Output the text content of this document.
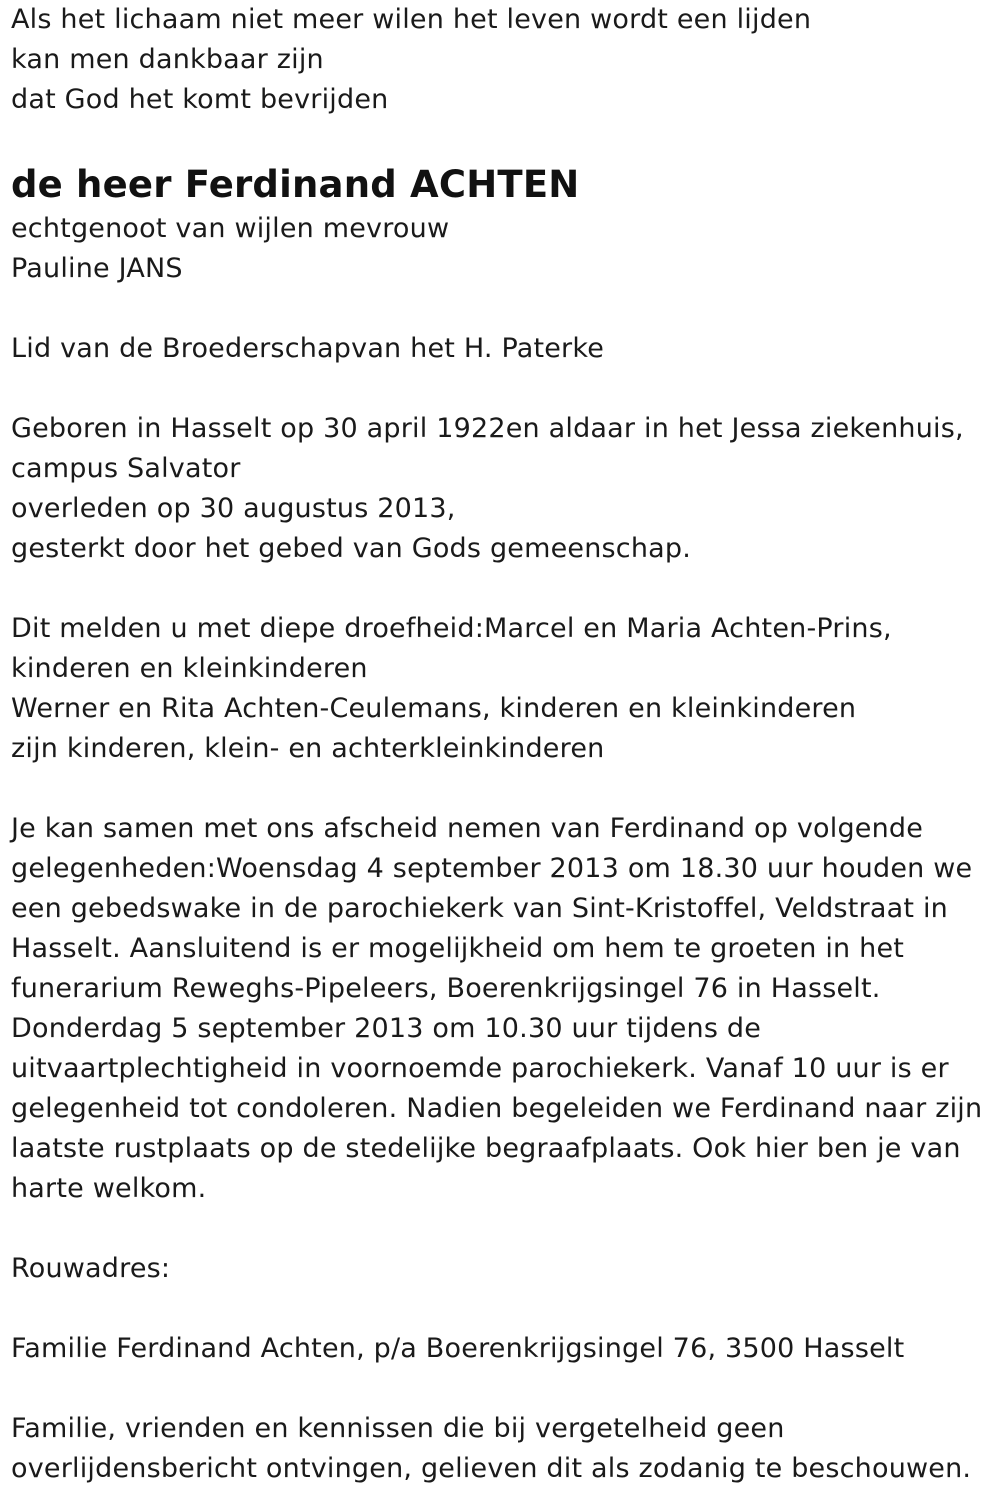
Als het lichaam niet meer wilen het leven wordt een lijden
kan men dankbaar zijn
dat God het komt bevrijden
de heer Ferdinand ACHTEN
echtgenoot van wijlen mevrouw
Pauline JANS
Lid van de Broederschapvan het H. Paterke
Geboren in Hasselt op 30 april 1922en aldaar in het Jessa ziekenhuis,
campus Salvator
overleden op 30 augustus 2013,
gesterkt door het gebed van Gods gemeenschap.
Dit melden u met diepe droefheid:Marcel en Maria Achten-Prins,
kinderen en kleinkinderen
Werner en Rita Achten-Ceulemans, kinderen en kleinkinderen
zijn kinderen, klein- en achterkleinkinderen
Je kan samen met ons afscheid nemen van Ferdinand op volgende
gelegenheden:Woensdag 4 september 2013 om 18.30 uur houden we
een gebedswake in de parochiekerk van Sint-Kristoffel, Veldstraat in
Hasselt. Aansluitend is er mogelijkheid om hem te groeten in het
funerarium Reweghs-Pipeleers, Boerenkrijgsingel 76 in Hasselt.
Donderdag 5 september 2013 om 10.30 uur tijdens de
uitvaartplechtigheid in voornoemde parochiekerk. Vanaf 10 uur is er
gelegenheid tot condoleren. Nadien begeleiden we Ferdinand naar zijn
laatste rustplaats op de stedelijke begraafplaats. Ook hier ben je van
harte welkom.
Rouwadres:
Familie Ferdinand Achten, p/a Boerenkrijgsingel 76, 3500 Hasselt
Familie, vrienden en kennissen die bij vergetelheid geen
overlijdensbericht ontvingen, gelieven dit als zodanig te beschouwen.
